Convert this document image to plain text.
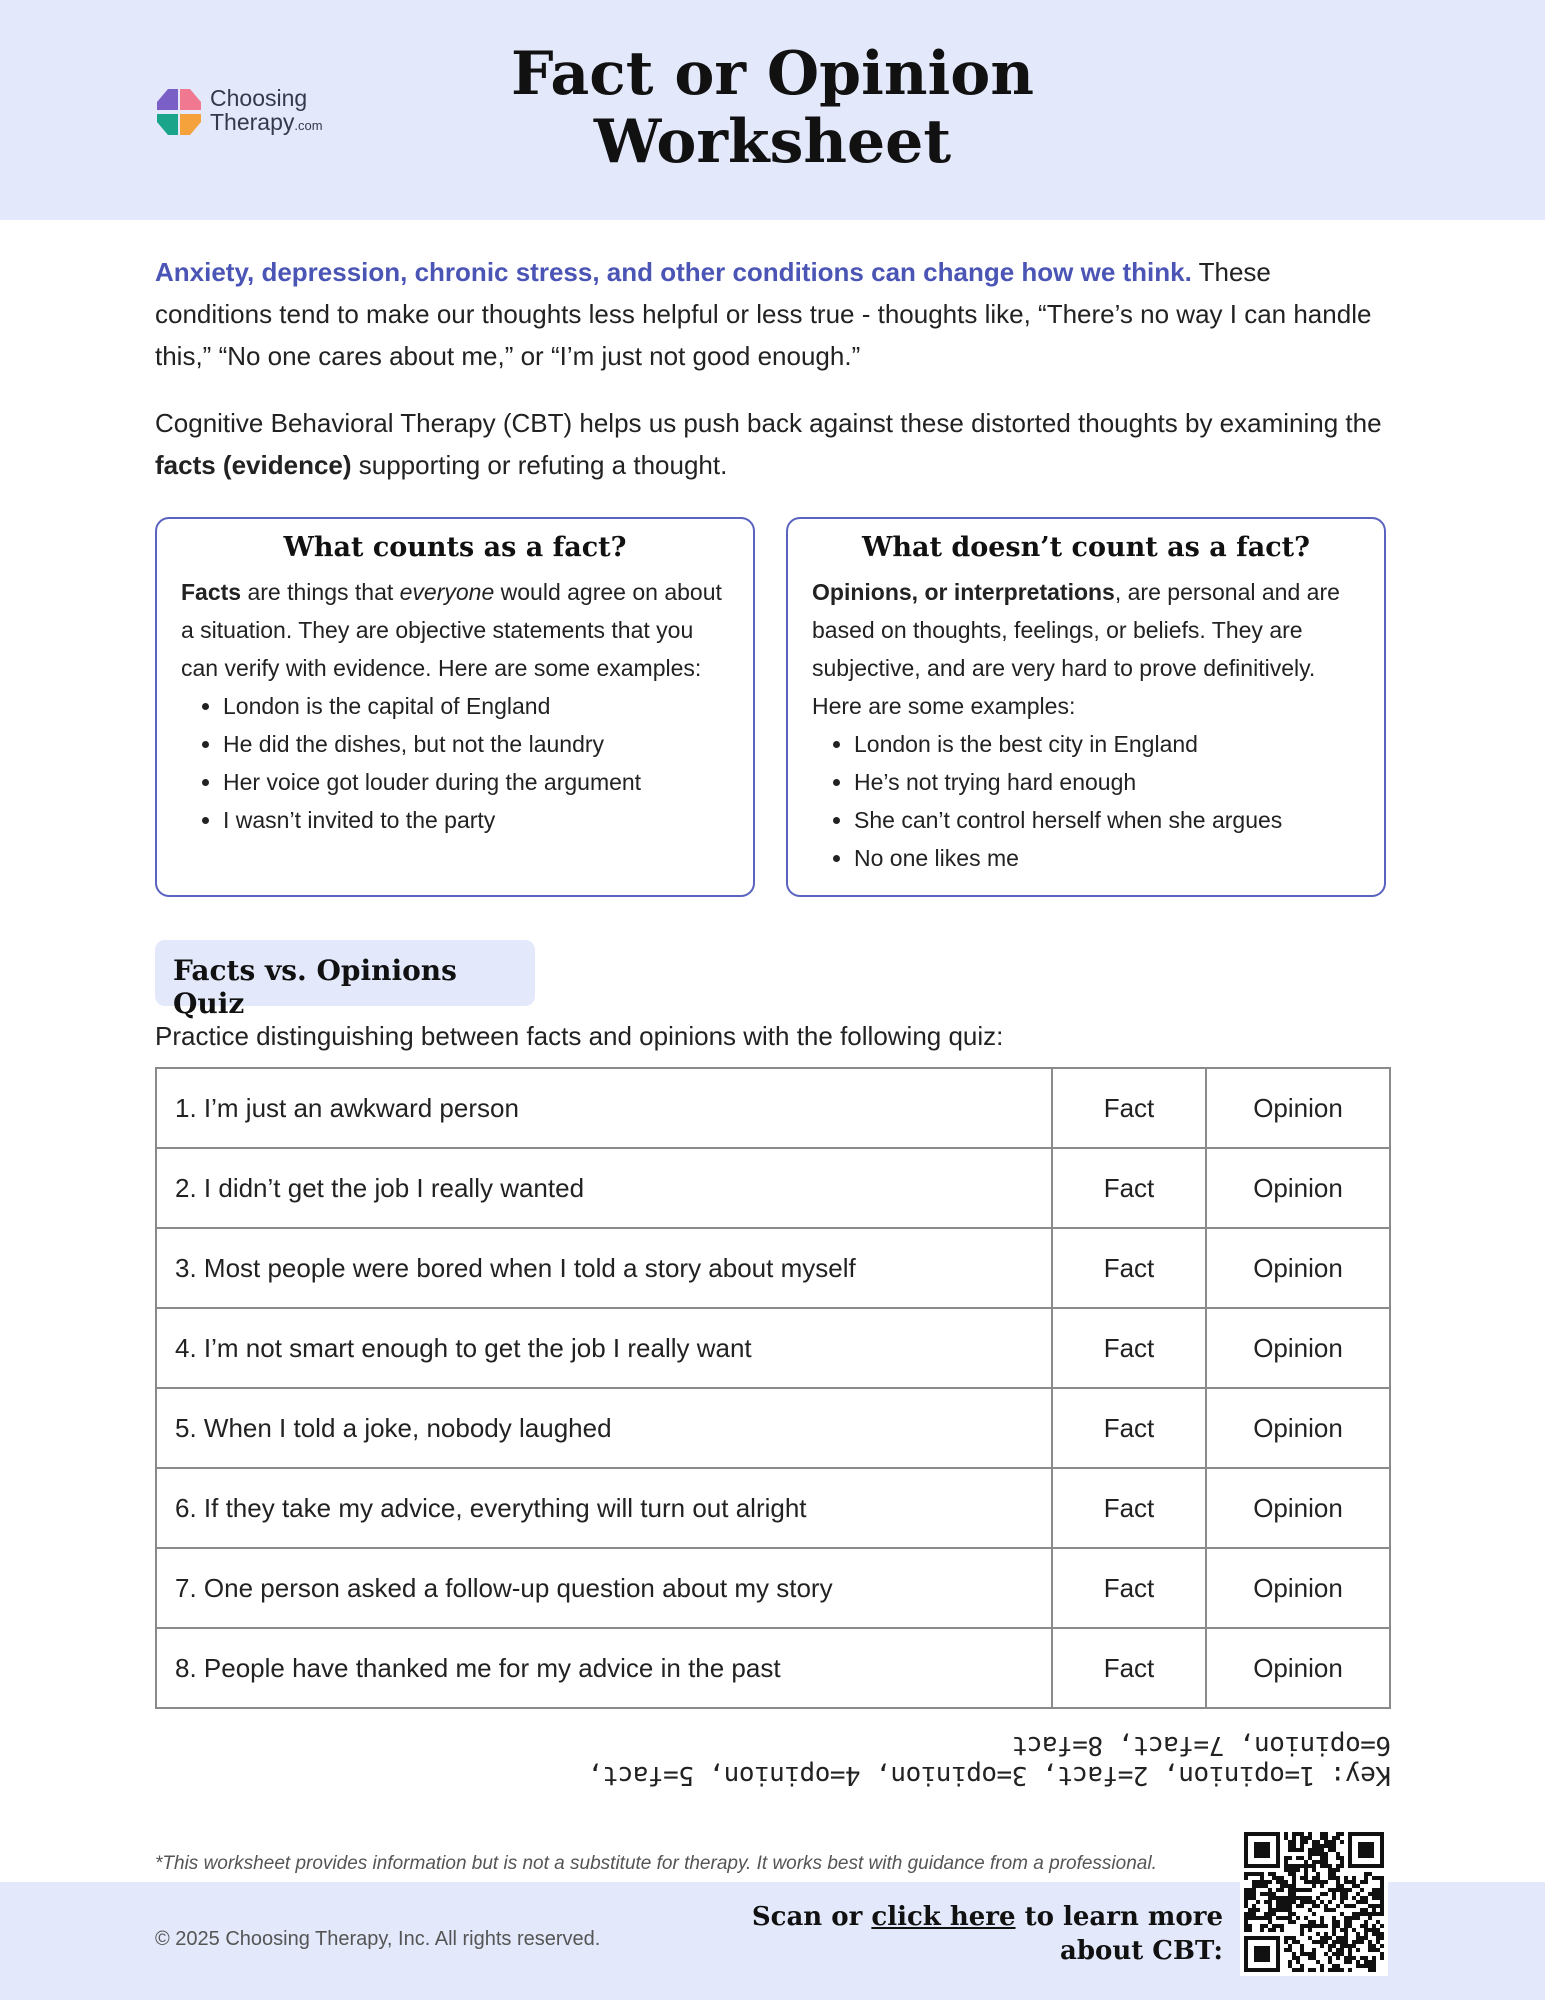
Choosing
Therapy.com
Fact or Opinion
Worksheet

Anxiety, depression, chronic stress, and other conditions can change how we think. These conditions tend to make our thoughts less helpful or less true - thoughts like, “There’s no way I can handle this,” “No one cares about me,” or “I’m just not good enough.”

Cognitive Behavioral Therapy (CBT) helps us push back against these distorted thoughts by examining the facts (evidence) supporting or refuting a thought.

What counts as a fact?
Facts are things that everyone would agree on about a situation. They are objective statements that you can verify with evidence. Here are some examples:
• London is the capital of England
• He did the dishes, but not the laundry
• Her voice got louder during the argument
• I wasn’t invited to the party
What doesn’t count as a fact?
Opinions, or interpretations, are personal and are based on thoughts, feelings, or beliefs. They are subjective, and are very hard to prove definitively. Here are some examples:
• London is the best city in England
• He’s not trying hard enough
• She can’t control herself when she argues
• No one likes me
Facts vs. Opinions Quiz
Practice distinguishing between facts and opinions with the following quiz:
1. I’m just an awkward person	Fact	Opinion
2. I didn’t get the job I really wanted	Fact	Opinion
3. Most people were bored when I told a story about myself	Fact	Opinion
4. I’m not smart enough to get the job I really want	Fact	Opinion
5. When I told a joke, nobody laughed	Fact	Opinion
6. If they take my advice, everything will turn out alright	Fact	Opinion
7. One person asked a follow-up question about my story	Fact	Opinion
8. People have thanked me for my advice in the past	Fact	Opinion
Key: 1=opinion, 2=fact, 3=opinion, 4=opinion, 5=fact, 6=opinion, 7=fact, 8=fact
*This worksheet provides information but is not a substitute for therapy. It works best with guidance from a professional.
© 2025 Choosing Therapy, Inc. All rights reserved.
Scan or click here to learn more
about CBT:
